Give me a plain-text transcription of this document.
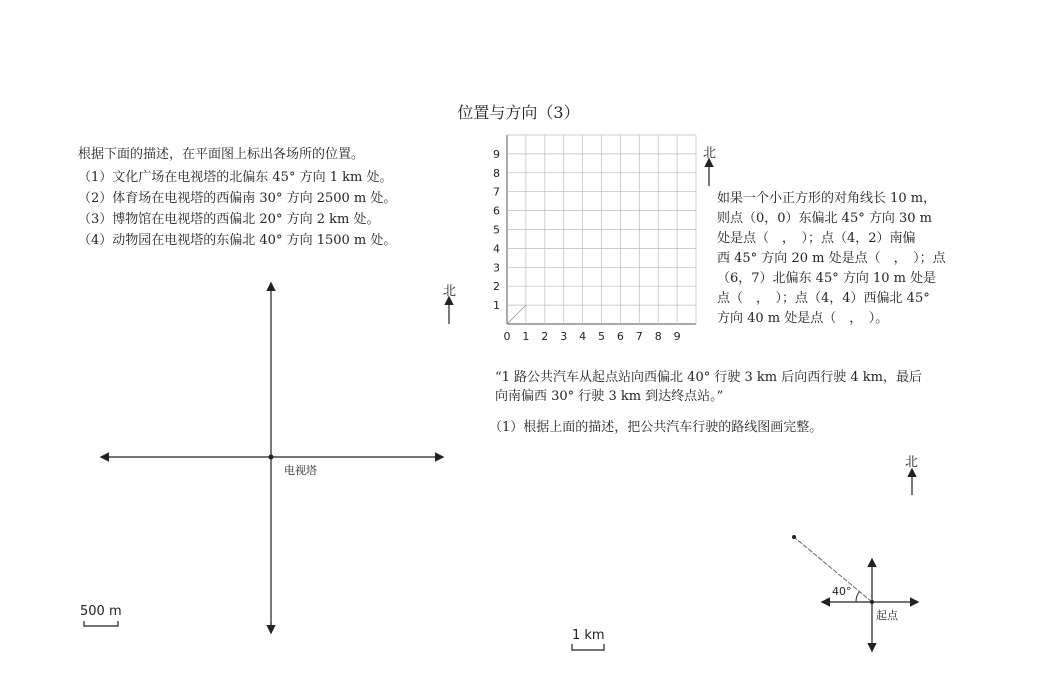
位置与方向（3）
根据下面的描述，在平面图上标出各场所的位置。
（1）文化广场在电视塔的北偏东 45° 方向 1 km 处。
（2）体育场在电视塔的西偏南 30° 方向 2500 m 处。
（3）博物馆在电视塔的西偏北 20° 方向 2 km 处。
（4）动物园在电视塔的东偏北 40° 方向 1500 m 处。
0 1 2 3 4 5 6 7 8 9
1
2
3
4
5
6
7
8
9
电视塔
北
500 m
北
如果一个小正方形的对角线长 10 m，
则点（0，0）东偏北 45° 方向 30 m
处是点（　，　）；点（4，2）南偏
西 45° 方向 20 m 处是点（　，　）；点
（6，7）北偏东 45° 方向 10 m 处是
点（　，　）；点（4，4）西偏北 45°
方向 40 m 处是点（　，　）。
“1 路公共汽车从起点站向西偏北 40° 行驶 3 km 后向西行驶 4 km，最后
向南偏西 30° 行驶 3 km 到达终点站。”
（1）根据上面的描述，把公共汽车行驶的路线图画完整。
北
40°
起点
1 km
